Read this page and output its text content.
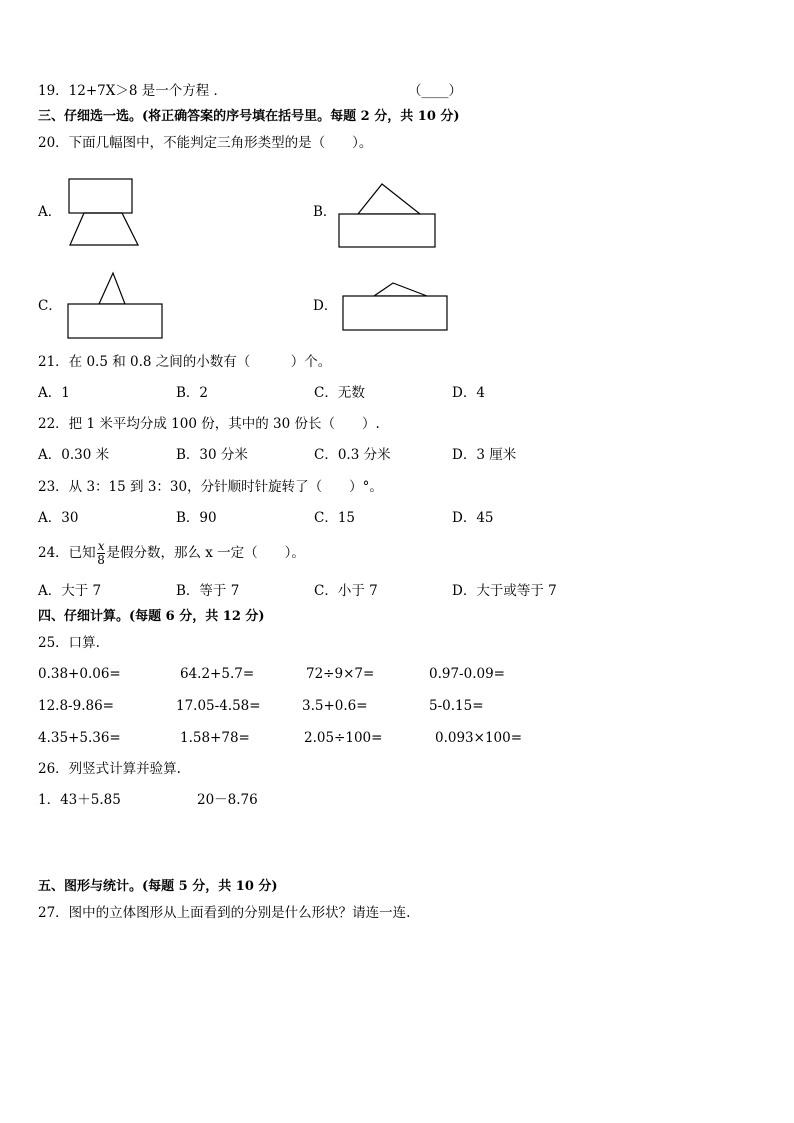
19．12+7X＞8 是一个方程 ．	（____）
三、仔细选一选。(将正确答案的序号填在括号里。每题 2 分，共 10 分)
20．下面几幅图中，不能判定三角形类型的是（　　）。
A．	B．
C．	D．
21．在 0.5 和 0.8 之间的小数有（　　　）个。
A．1	B．2	C．无数	D．4
22．把 1 米平均分成 100 份，其中的 30 份长（　　）.
A．0.30 米	B．30 分米	C．0.3 分米	D．3 厘米
23．从 3：15 到 3：30，分针顺时针旋转了（　　）°。
A．30	B．90	C．15	D．45
24．已知 $\frac{x}{8}$ 是假分数，那么 x 一定（　　）。
A．大于 7	B．等于 7	C．小于 7	D．大于或等于 7
四、仔细计算。(每题 6 分，共 12 分)
25．口算.
0.38+0.06=	64.2+5.7=	72÷9×7=	0.97-0.09=
12.8-9.86=	17.05-4.58=	3.5+0.6=	5-0.15=
4.35+5.36=	1.58+78=	2.05÷100=	0.093×100=
26．列竖式计算并验算.
1．43＋5.85	20－8.76
五、图形与统计。(每题 5 分，共 10 分)
27．图中的立体图形从上面看到的分别是什么形状？请连一连.
